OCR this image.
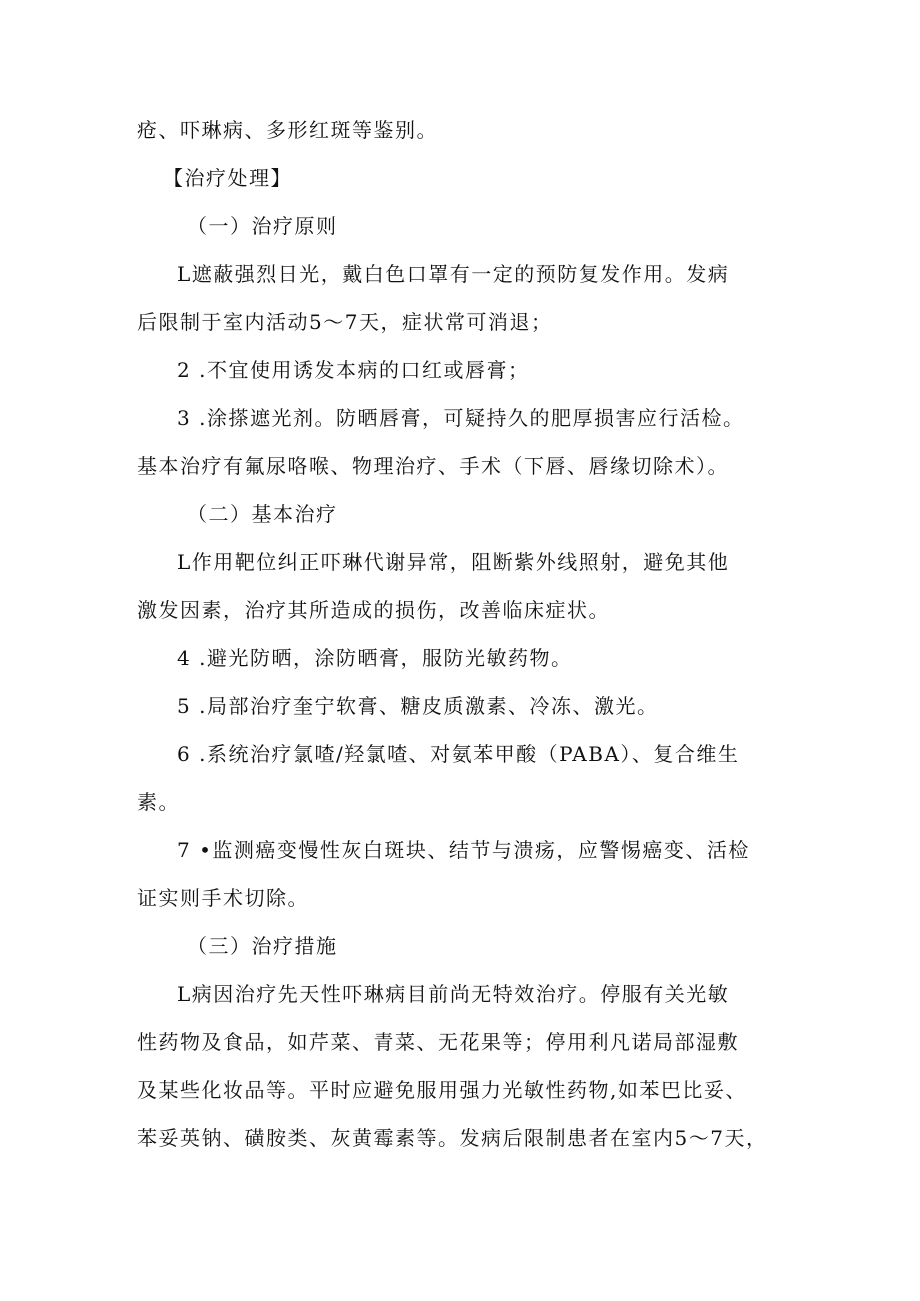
疮、吓琳病、多形红斑等鉴别。

【治疗处理】

（一）治疗原则

L遮蔽强烈日光，戴白色口罩有一定的预防复发作用。发病
后限制于室内活动5～7天，症状常可消退；

2 .不宜使用诱发本病的口红或唇膏；

3 .涂搽遮光剂。防晒唇膏，可疑持久的肥厚损害应行活检。
基本治疗有氟尿咯喉、物理治疗、手术（下唇、唇缘切除术）。

（二）基本治疗

L作用靶位纠正吓琳代谢异常，阻断紫外线照射，避免其他
激发因素，治疗其所造成的损伤，改善临床症状。

4 .避光防晒，涂防晒膏，服防光敏药物。

5 .局部治疗奎宁软膏、糖皮质激素、冷冻、激光。

6 .系统治疗氯喳/羟氯喳、对氨苯甲酸（PABA）、复合维生
素。

7 •监测癌变慢性灰白斑块、结节与溃疡，应警惕癌变、活检
证实则手术切除。

（三）治疗措施

L病因治疗先天性吓琳病目前尚无特效治疗。停服有关光敏
性药物及食品，如芹菜、青菜、无花果等；停用利凡诺局部湿敷
及某些化妆品等。平时应避免服用强力光敏性药物,如苯巴比妥、
苯妥英钠、磺胺类、灰黄霉素等。发病后限制患者在室内5～7天，
